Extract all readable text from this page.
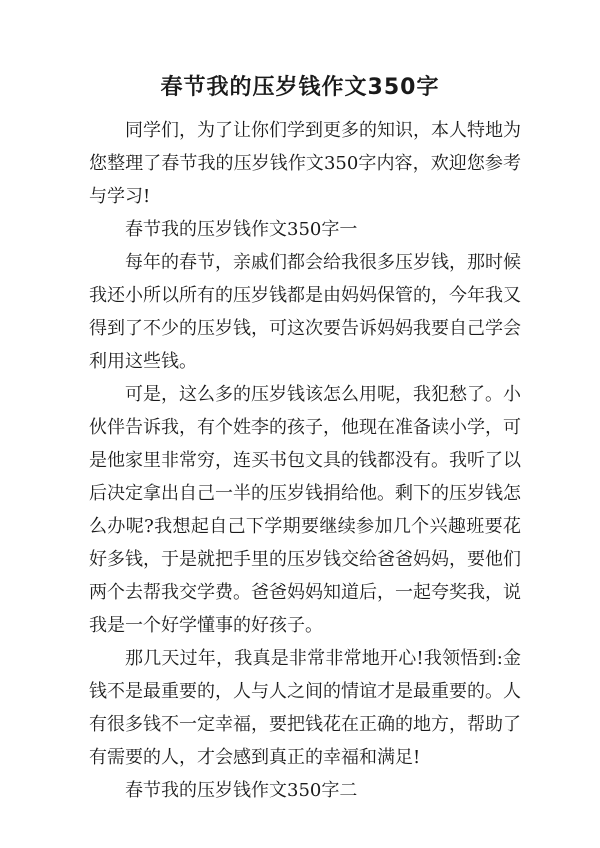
春节我的压岁钱作文350字

同学们，为了让你们学到更多的知识，本人特地为您整理了春节我的压岁钱作文350字内容，欢迎您参考与学习!

春节我的压岁钱作文350字一

每年的春节，亲戚们都会给我很多压岁钱，那时候我还小所以所有的压岁钱都是由妈妈保管的，今年我又得到了不少的压岁钱，可这次要告诉妈妈我要自己学会利用这些钱。

可是，这么多的压岁钱该怎么用呢，我犯愁了。小伙伴告诉我，有个姓李的孩子，他现在准备读小学，可是他家里非常穷，连买书包文具的钱都没有。我听了以后决定拿出自己一半的压岁钱捐给他。剩下的压岁钱怎么办呢?我想起自己下学期要继续参加几个兴趣班要花好多钱，于是就把手里的压岁钱交给爸爸妈妈，要他们两个去帮我交学费。爸爸妈妈知道后，一起夸奖我，说我是一个好学懂事的好孩子。

那几天过年，我真是非常非常地开心!我领悟到:金钱不是最重要的，人与人之间的情谊才是最重要的。人有很多钱不一定幸福，要把钱花在正确的地方，帮助了有需要的人，才会感到真正的幸福和满足!

春节我的压岁钱作文350字二
